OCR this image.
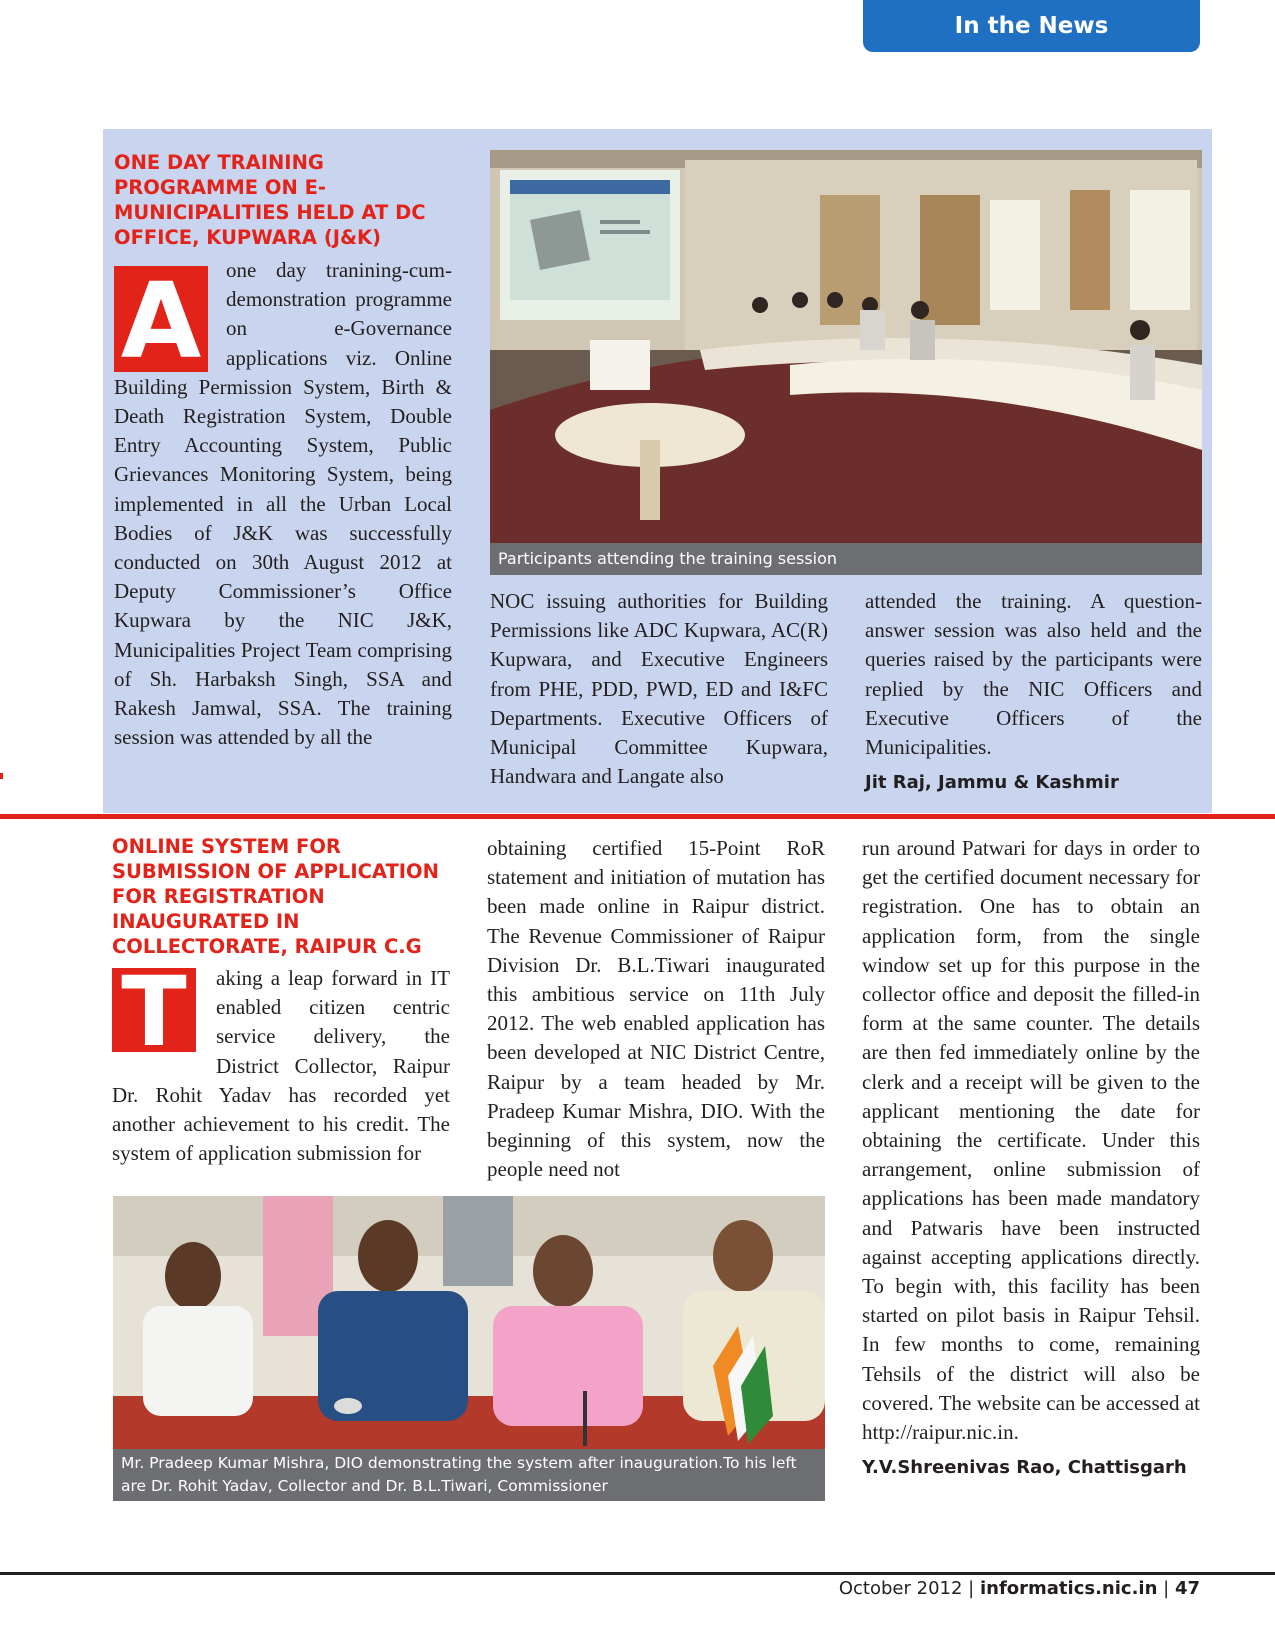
In the News
ONE DAY TRAINING PROGRAMME ON E-MUNICIPALITIES HELD AT DC OFFICE, KUPWARA (J&K)
A	one day tranining-cum-demonstration programme on e-Governance applications viz. Online Building Permission System, Birth & Death Registration System, Double Entry Accounting System, Public Grievances Monitoring System, being implemented in all the Urban Local Bodies of J&K was successfully conducted on 30th August 2012 at Deputy Commissioner’s Office Kupwara by the NIC J&K, Municipalities Project Team comprising of Sh. Harbaksh Singh, SSA and Rakesh Jamwal, SSA. The training session was attended by all the

Participants attending the training session

NOC issuing authorities for Building Permissions like ADC Kupwara, AC(R) Kupwara, and Executive Engineers from PHE, PDD, PWD, ED and I&FC Departments. Executive Officers of Municipal Committee Kupwara, Handwara and Langate also

attended the training. A question-answer session was also held and the queries raised by the participants were replied by the NIC Officers and Executive Officers of the Municipalities.

Jit Raj, Jammu & Kashmir

ONLINE SYSTEM FOR SUBMISSION OF APPLICATION FOR REGISTRATION INAUGURATED IN COLLECTORATE, RAIPUR C.G
T	aking a leap forward in IT enabled citizen centric service delivery, the District Collector, Raipur Dr. Rohit Yadav has recorded yet another achievement to his credit. The system of application submission for

obtaining certified 15-Point RoR statement and initiation of mutation has been made online in Raipur district. The Revenue Commissioner of Raipur Division Dr. B.L.Tiwari inaugurated this ambitious service on 11th July 2012. The web enabled application has been developed at NIC District Centre, Raipur by a team headed by Mr. Pradeep Kumar Mishra, DIO. With the beginning of this system, now the people need not

run around Patwari for days in order to get the certified document necessary for registration. One has to obtain an application form, from the single window set up for this purpose in the collector office and deposit the filled-in form at the same counter. The details are then fed immediately online by the clerk and a receipt will be given to the applicant mentioning the date for obtaining the certificate. Under this arrangement, online submission of applications has been made mandatory and Patwaris have been instructed against accepting applications directly. To begin with, this facility has been started on pilot basis in Raipur Tehsil. In few months to come, remaining Tehsils of the district will also be covered. The website can be accessed at http://raipur.nic.in.

Y.V.Shreenivas Rao, Chattisgarh

Mr. Pradeep Kumar Mishra, DIO demonstrating the system after inauguration.To his left are Dr. Rohit Yadav, Collector and Dr. B.L.Tiwari, Commissioner
October 2012 | informatics.nic.in | 47
